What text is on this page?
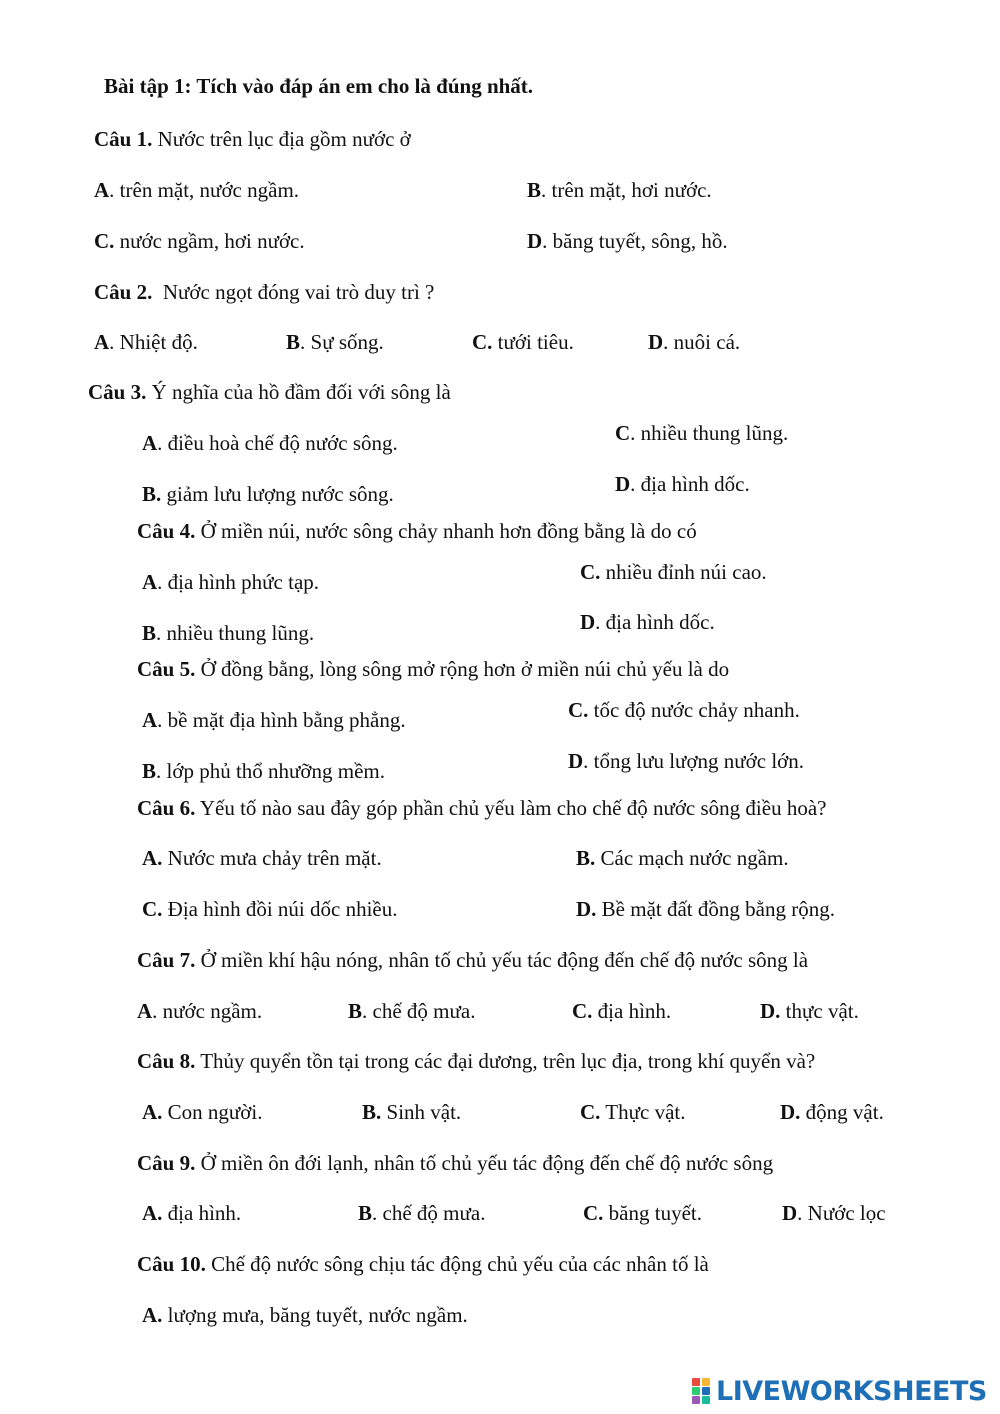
Bài tập 1: Tích vào đáp án em cho là đúng nhất.
Câu 1. Nước trên lục địa gồm nước ở
A. trên mặt, nước ngầm.	B. trên mặt, hơi nước.
C. nước ngầm, hơi nước.	D. băng tuyết, sông, hồ.
Câu 2.  Nước ngọt đóng vai trò duy trì ?
A. Nhiệt độ.	B. Sự sống.	C. tưới tiêu.	D. nuôi cá.
Câu 3. Ý nghĩa của hồ đầm đối với sông là
A. điều hoà chế độ nước sông.
B. giảm lưu lượng nước sông.
C. nhiều thung lũng.
D. địa hình dốc.
Câu 4. Ở miền núi, nước sông chảy nhanh hơn đồng bằng là do có
A. địa hình phức tạp.
B. nhiều thung lũng.
C. nhiều đỉnh núi cao.
D. địa hình dốc.
Câu 5. Ở đồng bằng, lòng sông mở rộng hơn ở miền núi chủ yếu là do
A. bề mặt địa hình bằng phẳng.
B. lớp phủ thổ nhưỡng mềm.
C. tốc độ nước chảy nhanh.
D. tổng lưu lượng nước lớn.
Câu 6. Yếu tố nào sau đây góp phần chủ yếu làm cho chế độ nước sông điều hoà?
A. Nước mưa chảy trên mặt.	B. Các mạch nước ngầm.
C. Địa hình đồi núi dốc nhiều.	D. Bề mặt đất đồng bằng rộng.
Câu 7. Ở miền khí hậu nóng, nhân tố chủ yếu tác động đến chế độ nước sông là
A. nước ngầm.	B. chế độ mưa.	C. địa hình.	D. thực vật.
Câu 8. Thủy quyển tồn tại trong các đại dương, trên lục địa, trong khí quyển và?
A. Con người.	B. Sinh vật.	C. Thực vật.	D. động vật.
Câu 9. Ở miền ôn đới lạnh, nhân tố chủ yếu tác động đến chế độ nước sông
A. địa hình.	B. chế độ mưa.	C. băng tuyết.	D. Nước lọc
Câu 10. Chế độ nước sông chịu tác động chủ yếu của các nhân tố là
A. lượng mưa, băng tuyết, nước ngầm.
LIVEWORKSHEETS
